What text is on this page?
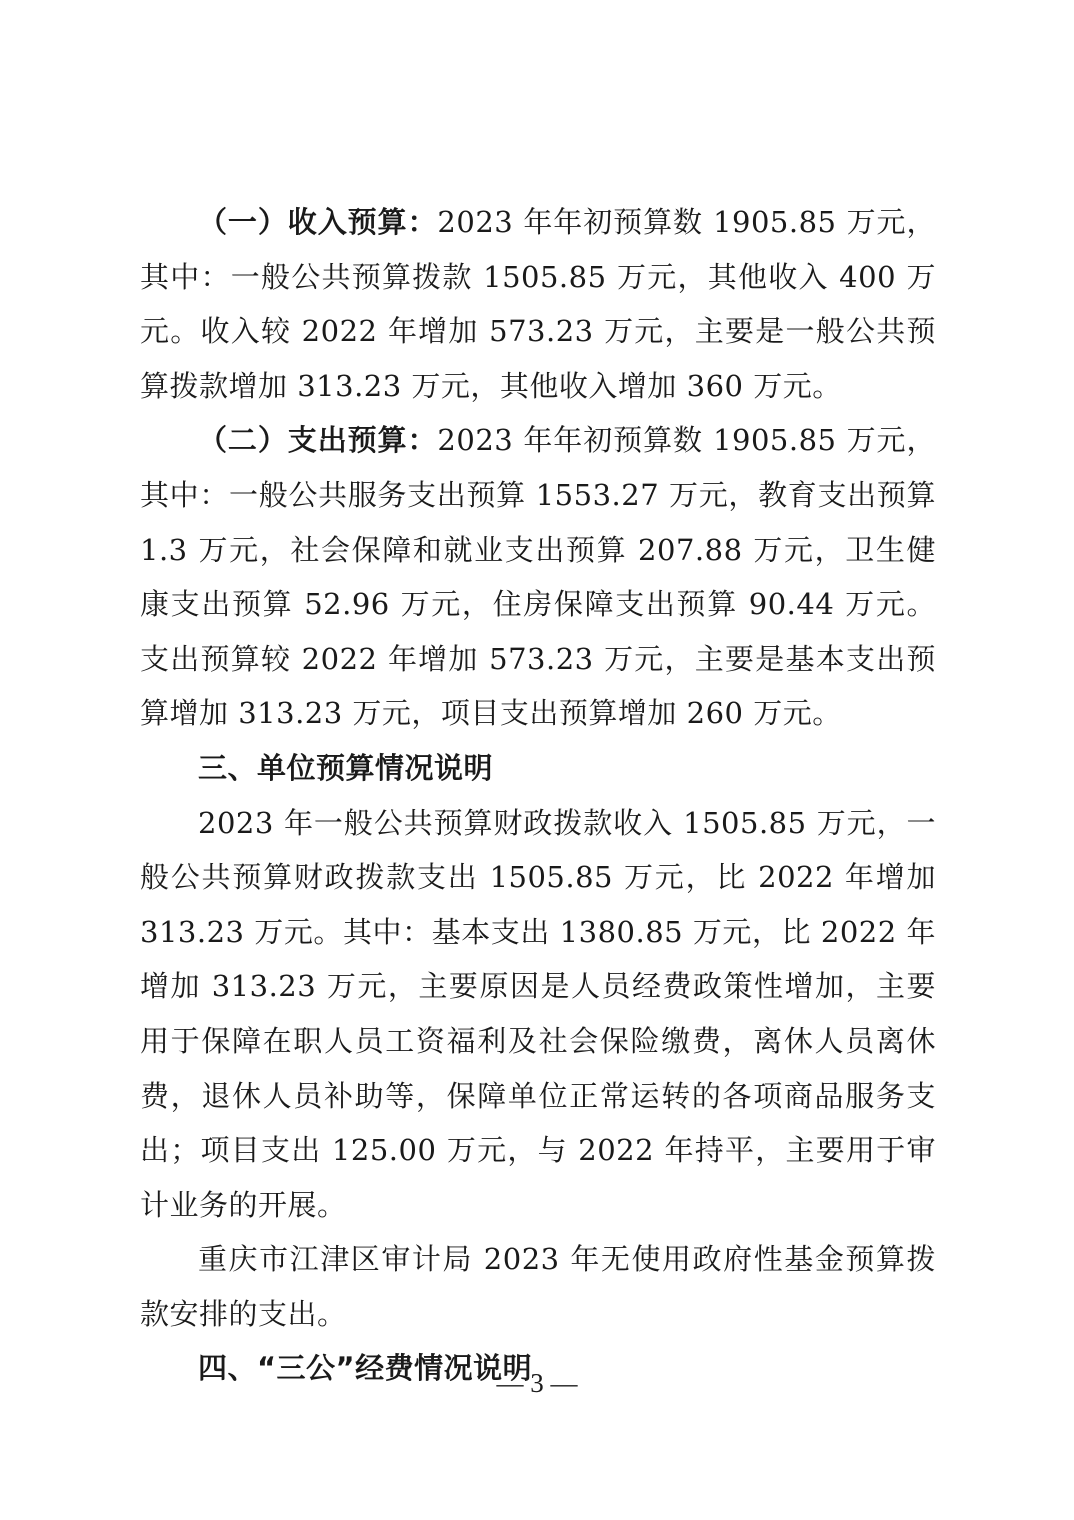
（一）收入预算：2023 年年初预算数 1905.85 万元，其中：一般公共预算拨款 1505.85 万元，其他收入 400 万元。收入较 2022 年增加 573.23 万元，主要是一般公共预算拨款增加 313.23 万元，其他收入增加 360 万元。

（二）支出预算：2023 年年初预算数 1905.85 万元，其中：一般公共服务支出预算 1553.27 万元，教育支出预算 1.3 万元，社会保障和就业支出预算 207.88 万元，卫生健康支出预算 52.96 万元，住房保障支出预算 90.44 万元。支出预算较 2022 年增加 573.23 万元，主要是基本支出预算增加 313.23 万元，项目支出预算增加 260 万元。

三、单位预算情况说明

2023 年一般公共预算财政拨款收入 1505.85 万元，一般公共预算财政拨款支出 1505.85 万元，比 2022 年增加 313.23 万元。其中：基本支出 1380.85 万元，比 2022 年增加 313.23 万元，主要原因是人员经费政策性增加，主要用于保障在职人员工资福利及社会保险缴费，离休人员离休费，退休人员补助等，保障单位正常运转的各项商品服务支出；项目支出 125.00 万元，与 2022 年持平，主要用于审计业务的开展。

重庆市江津区审计局 2023 年无使用政府性基金预算拨款安排的支出。

四、“三公”经费情况说明

— 3 —
